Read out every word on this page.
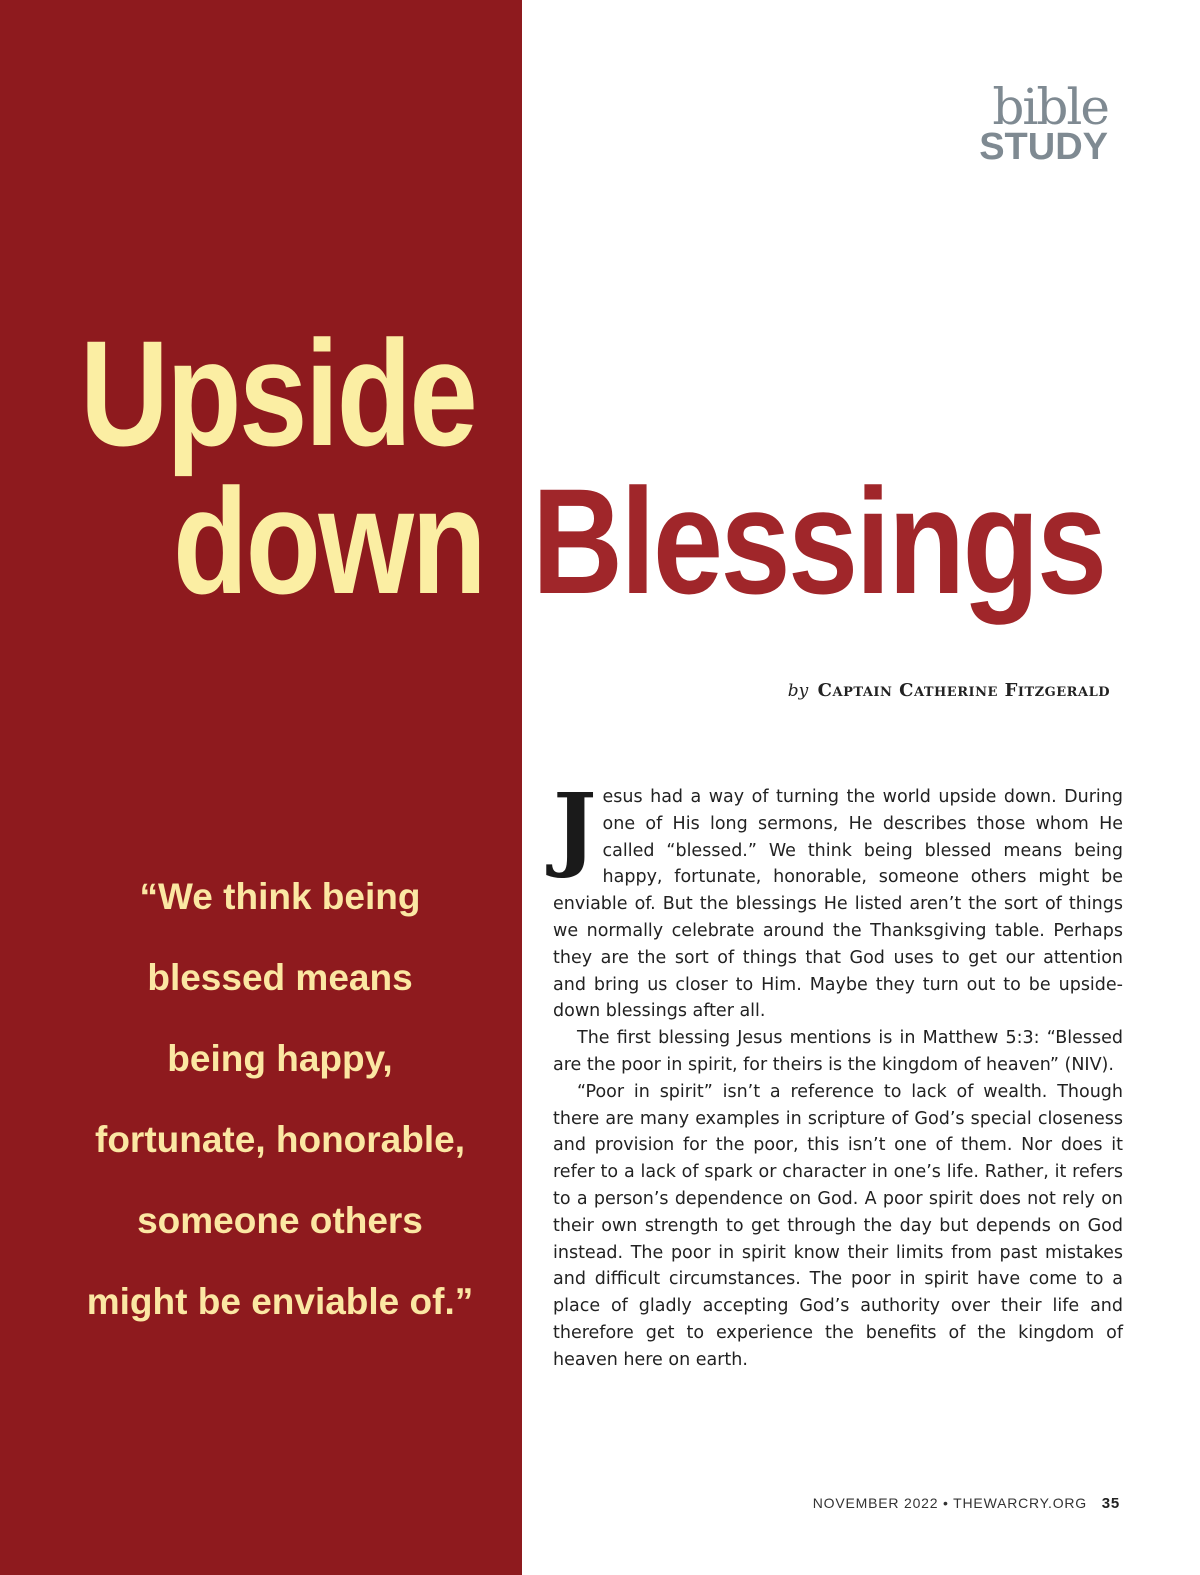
bible
STUDY
Upside
down Blessings
by Captain Catherine Fitzgerald
“We think being
blessed means
being happy,
fortunate, honorable,
someone others
might be enviable of.”

Jesus had a way of turning the world upside down. During one of His long sermons, He describes those whom He called “blessed.” We think being blessed means being happy, fortunate, honorable, someone others might be enviable of. But the blessings He listed aren’t the sort of things we normally celebrate around the Thanksgiving table. Perhaps they are the sort of things that God uses to get our attention and bring us closer to Him. Maybe they turn out to be upside-down blessings after all.

The first blessing Jesus mentions is in Matthew 5:3: “Blessed are the poor in spirit, for theirs is the kingdom of heaven” (NIV).

“Poor in spirit” isn’t a reference to lack of wealth. Though there are many examples in scripture of God’s special closeness and provision for the poor, this isn’t one of them. Nor does it refer to a lack of spark or character in one’s life. Rather, it refers to a person’s dependence on God. A poor spirit does not rely on their own strength to get through the day but depends on God instead. The poor in spirit know their limits from past mistakes and difficult circumstances. The poor in spirit have come to a place of gladly accepting God’s authority over their life and therefore get to experience the benefits of the kingdom of heaven here on earth.

NOVEMBER 2022 • THEWARCRY.ORG 35
